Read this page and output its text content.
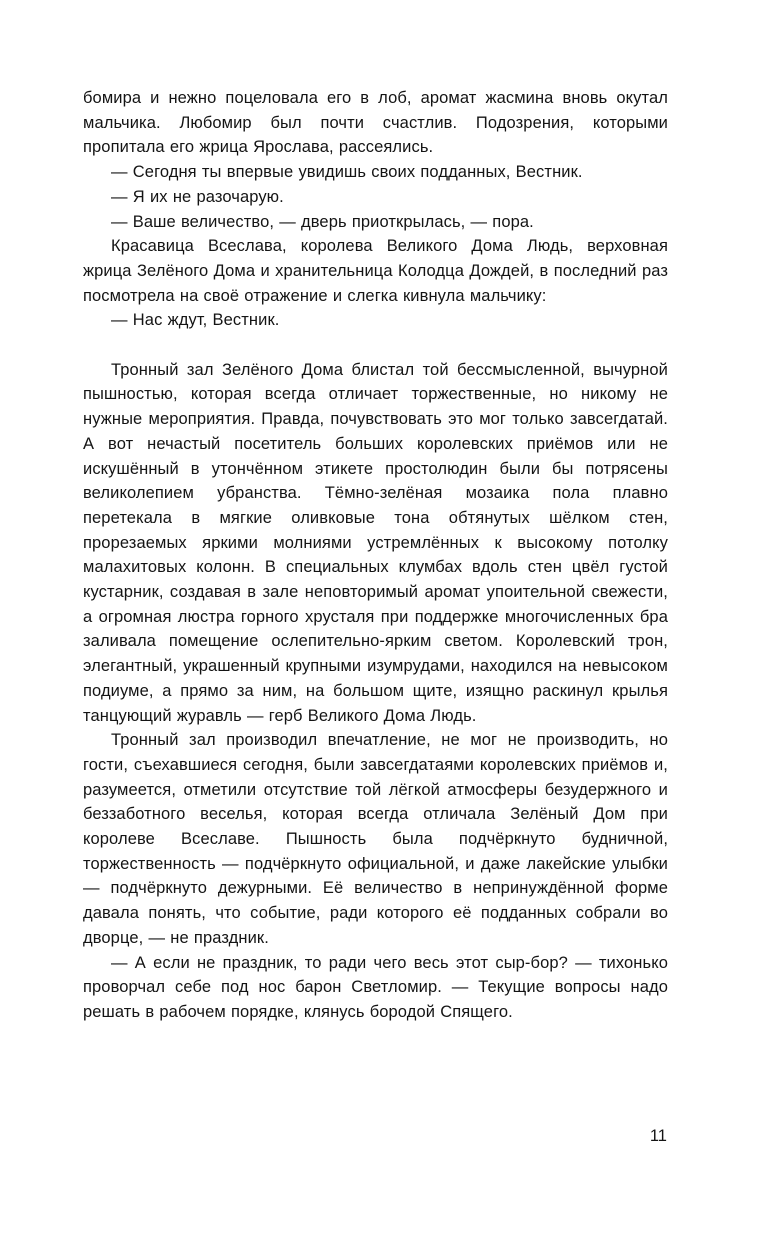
бомира и нежно поцеловала его в лоб, аромат жасмина вновь окутал мальчика. Любомир был почти счастлив. Подозрения, которыми пропитала его жрица Ярослава, рассеялись.

— Сегодня ты впервые увидишь своих подданных, Вестник.

— Я их не разочарую.

— Ваше величество, — дверь приоткрылась, — пора.

Красавица Всеслава, королева Великого Дома Людь, верховная жрица Зелёного Дома и хранительница Колодца Дождей, в последний раз посмотрела на своё отражение и слегка кивнула мальчику:

— Нас ждут, Вестник.

Тронный зал Зелёного Дома блистал той бессмысленной, вычурной пышностью, которая всегда отличает торжественные, но никому не нужные мероприятия. Правда, почувствовать это мог только завсегдатай. А вот нечастый посетитель больших королевских приёмов или не искушённый в утончённом этикете простолюдин были бы потрясены великолепием убранства. Тёмно-зелёная мозаика пола плавно перетекала в мягкие оливковые тона обтянутых шёлком стен, прорезаемых яркими молниями устремлённых к высокому потолку малахитовых колонн. В специальных клумбах вдоль стен цвёл густой кустарник, создавая в зале неповторимый аромат упоительной свежести, а огромная люстра горного хрусталя при поддержке многочисленных бра заливала помещение ослепительно-ярким светом. Королевский трон, элегантный, украшенный крупными изумрудами, находился на невысоком подиуме, а прямо за ним, на большом щите, изящно раскинул крылья танцующий журавль — герб Великого Дома Людь.

Тронный зал производил впечатление, не мог не производить, но гости, съехавшиеся сегодня, были завсегдатаями королевских приёмов и, разумеется, отметили отсутствие той лёгкой атмосферы безудержного и беззаботного веселья, которая всегда отличала Зелёный Дом при королеве Всеславе. Пышность была подчёркнуто будничной, торжественность — подчёркнуто официальной, и даже лакейские улыбки — подчёркнуто дежурными. Её величество в непринуждённой форме давала понять, что событие, ради которого её подданных собрали во дворце, — не праздник.

— А если не праздник, то ради чего весь этот сыр-бор? — тихонько проворчал себе под нос барон Светломир. — Текущие вопросы надо решать в рабочем порядке, клянусь бородой Спящего.

11
